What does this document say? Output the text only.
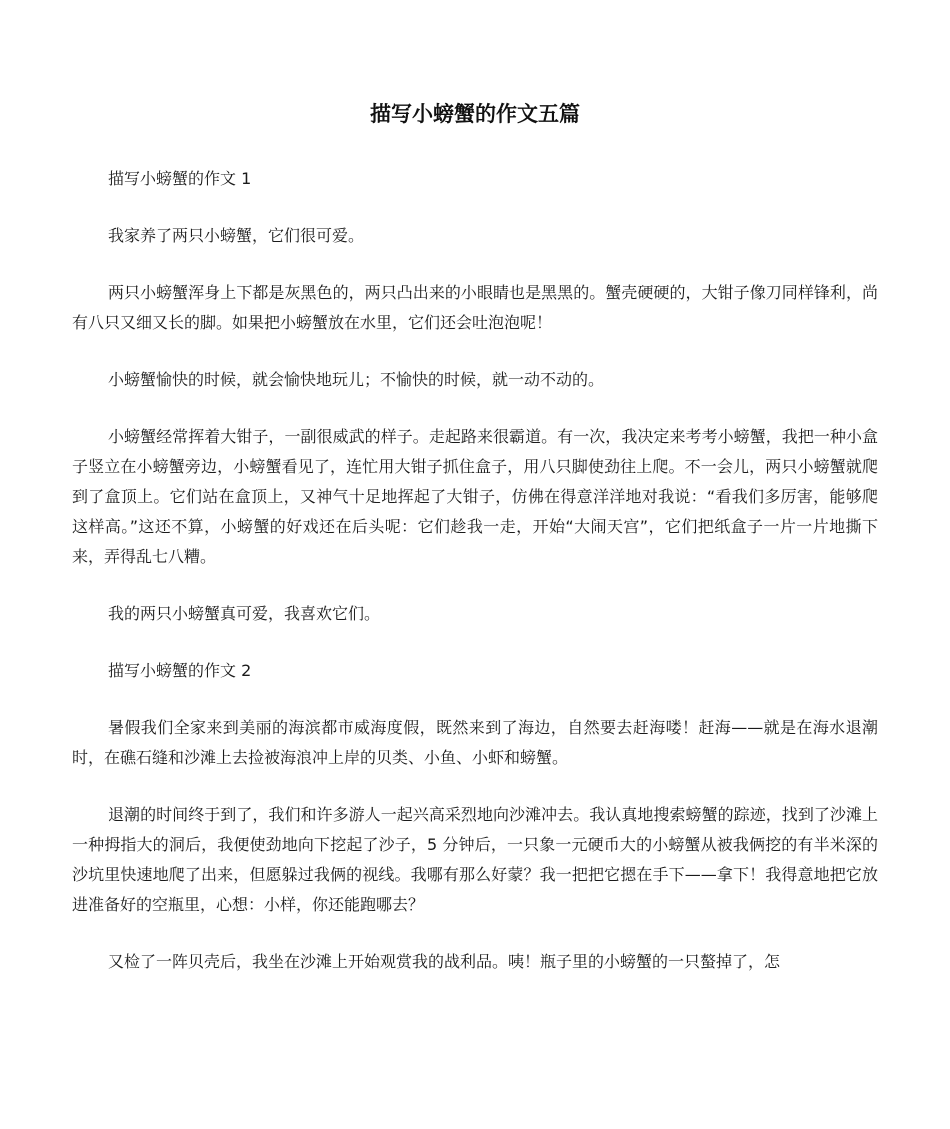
描写小螃蟹的作文五篇

描写小螃蟹的作文 1

我家养了两只小螃蟹，它们很可爱。

两只小螃蟹浑身上下都是灰黑色的，两只凸出来的小眼睛也是黑黑的。蟹壳硬硬的，大钳子像刀同样锋利，尚有八只又细又长的脚。如果把小螃蟹放在水里，它们还会吐泡泡呢！

小螃蟹愉快的时候，就会愉快地玩儿；不愉快的时候，就一动不动的。

小螃蟹经常挥着大钳子，一副很威武的样子。走起路来很霸道。有一次，我决定来考考小螃蟹，我把一种小盒子竖立在小螃蟹旁边，小螃蟹看见了，连忙用大钳子抓住盒子，用八只脚使劲往上爬。不一会儿，两只小螃蟹就爬到了盒顶上。它们站在盒顶上，又神气十足地挥起了大钳子，仿佛在得意洋洋地对我说：“看我们多厉害，能够爬这样高。”这还不算，小螃蟹的好戏还在后头呢：它们趁我一走，开始“大闹天宫”，它们把纸盒子一片一片地撕下来，弄得乱七八糟。

我的两只小螃蟹真可爱，我喜欢它们。

描写小螃蟹的作文 2

暑假我们全家来到美丽的海滨都市威海度假，既然来到了海边，自然要去赶海喽！赶海——就是在海水退潮时，在礁石缝和沙滩上去捡被海浪冲上岸的贝类、小鱼、小虾和螃蟹。

退潮的时间终于到了，我们和许多游人一起兴高采烈地向沙滩冲去。我认真地搜索螃蟹的踪迹，找到了沙滩上一种拇指大的洞后，我便使劲地向下挖起了沙子，5 分钟后，一只象一元硬币大的小螃蟹从被我俩挖的有半米深的沙坑里快速地爬了出来，但愿躲过我俩的视线。我哪有那么好蒙？我一把把它摁在手下——拿下！我得意地把它放进准备好的空瓶里，心想：小样，你还能跑哪去？

又检了一阵贝壳后，我坐在沙滩上开始观赏我的战利品。咦！瓶子里的小螃蟹的一只螯掉了，怎
